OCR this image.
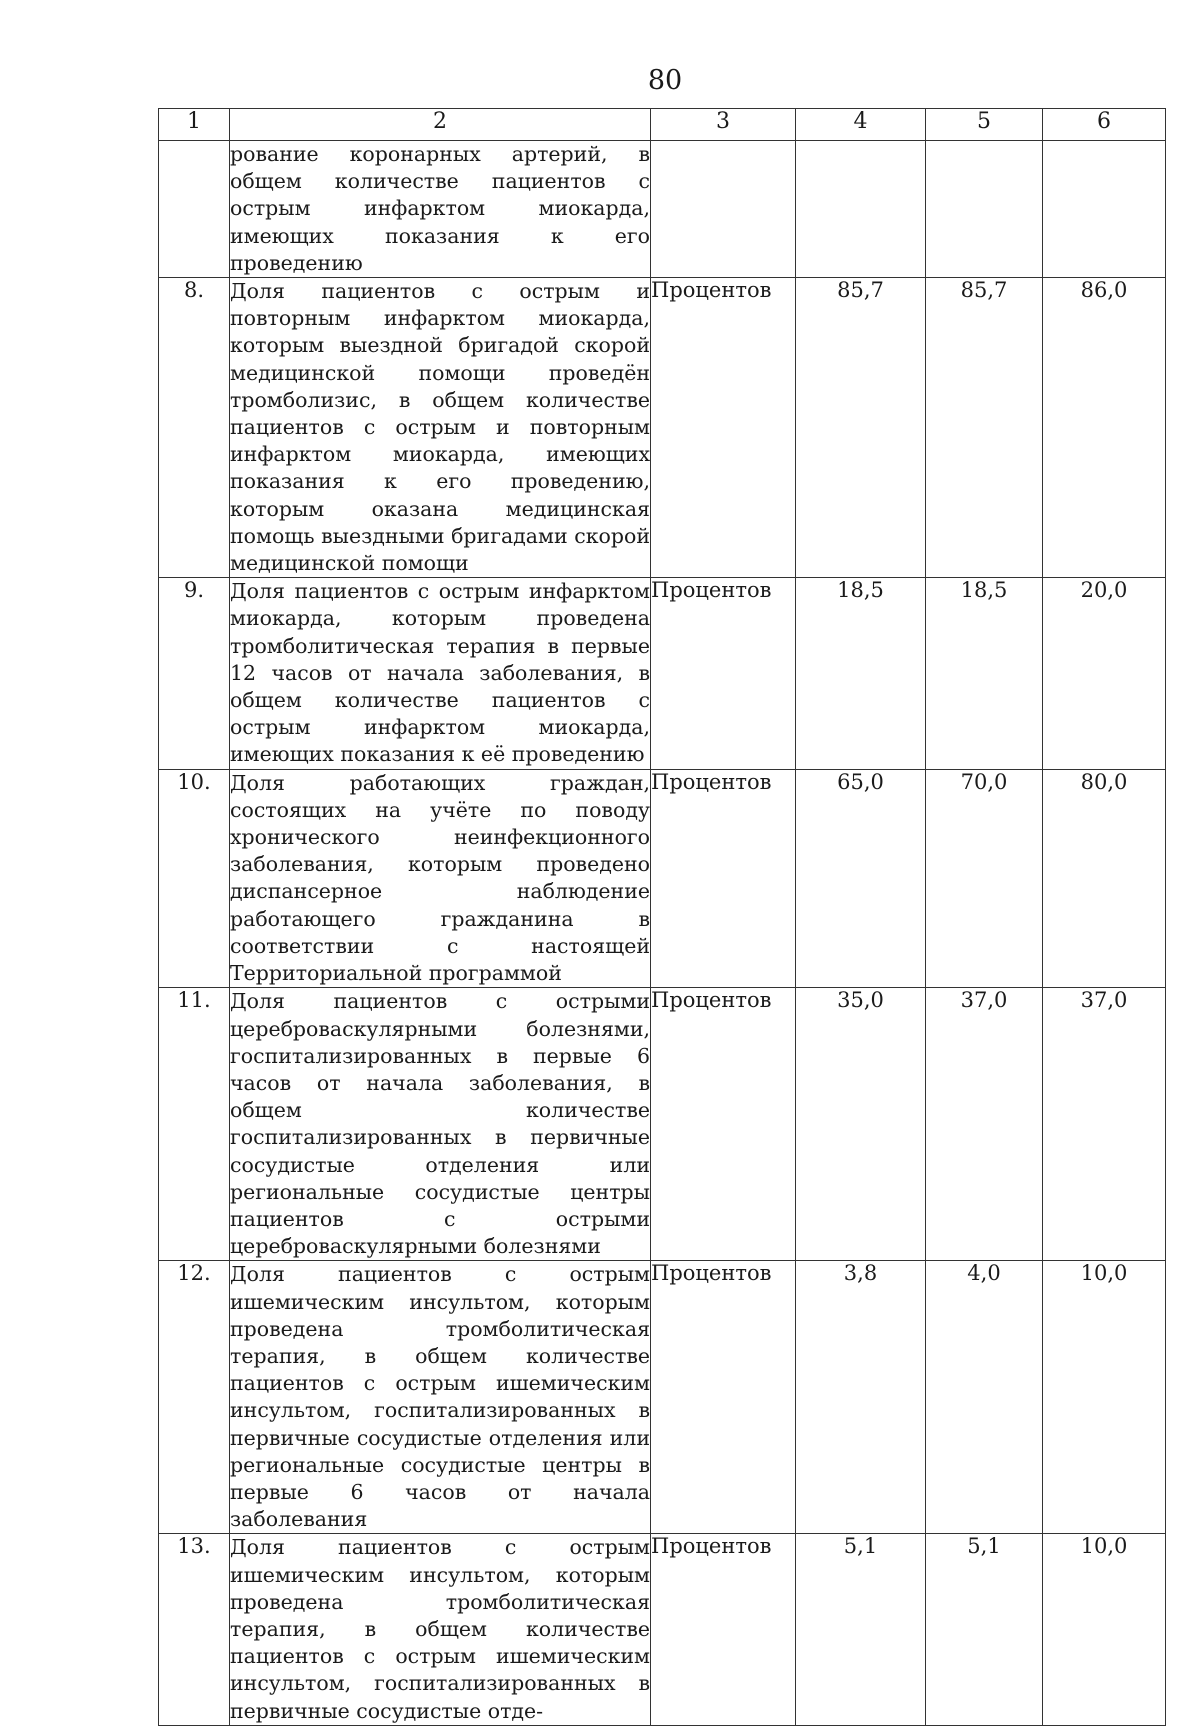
80
1	2	3	4	5	6
	рование коронарных артерий, в общем количестве пациентов с острым инфарктом миокарда, имеющих показания к его проведению				
8.	Доля пациентов с острым и повторным инфарктом миокарда, которым выездной бригадой скорой медицинской помощи проведён тромболизис, в общем количестве пациентов с острым и повторным инфарктом миокарда, имеющих показания к его проведению, которым оказана медицинская помощь выездными бригадами скорой медицинской помощи	Процентов	85,7	85,7	86,0
9.	Доля пациентов с острым инфарктом миокарда, которым проведена тромболитическая терапия в первые 12 часов от начала заболевания, в общем количестве пациентов с острым инфарктом миокарда, имеющих показания к её проведению	Процентов	18,5	18,5	20,0
10.	Доля работающих граждан, состоящих на учёте по поводу хронического неинфекционного заболевания, которым проведено диспансерное наблюдение работающего гражданина в соответствии с настоящей Территориальной программой	Процентов	65,0	70,0	80,0
11.	Доля пациентов с острыми цереброваскулярными болезнями, госпитализированных в первые 6 часов от начала заболевания, в общем количестве госпитализированных в первичные сосудистые отделения или региональные сосудистые центры пациентов с острыми цереброваскулярными болезнями	Процентов	35,0	37,0	37,0
12.	Доля пациентов с острым ишемическим инсультом, которым проведена тромболитическая терапия, в общем количестве пациентов с острым ишемическим инсультом, госпитализированных в первичные сосудистые отделения или региональные сосудистые центры в первые 6 часов от начала заболевания	Процентов	3,8	4,0	10,0
13.	Доля пациентов с острым ишемическим инсультом, которым проведена тромболитическая терапия, в общем количестве пациентов с острым ишемическим инсультом, госпитализированных в первичные сосудистые отде-	Процентов	5,1	5,1	10,0
